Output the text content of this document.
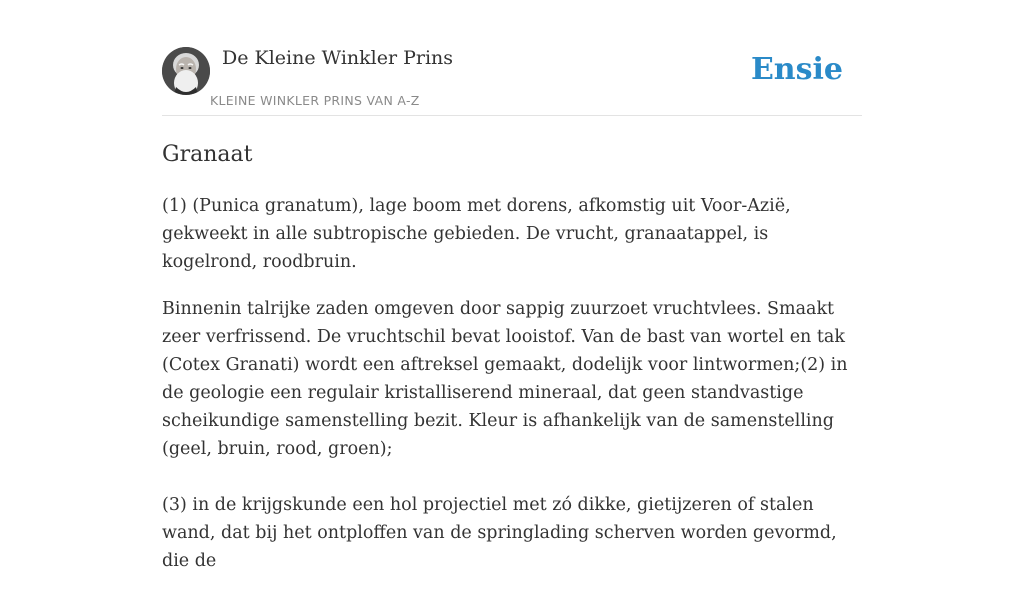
De Kleine Winkler Prins
KLEINE WINKLER PRINS VAN A-Z
Ensie
Granaat

(1) (Punica granatum), lage boom met dorens, afkomstig uit Voor-Azië, gekweekt in alle subtropische gebieden. De vrucht, granaatappel, is kogelrond, roodbruin.

Binnenin talrijke zaden omgeven door sappig zuurzoet vruchtvlees. Smaakt zeer verfrissend. De vruchtschil bevat looistof. Van de bast van wortel en tak (Cotex Granati) wordt een aftreksel gemaakt, dodelijk voor lintwormen;(2) in de geologie een regulair kristalliserend mineraal, dat geen standvastige scheikundige samenstelling bezit. Kleur is afhankelijk van de samenstelling (geel, bruin, rood, groen);

(3) in de krijgskunde een hol projectiel met zó dikke, gietijzeren of stalen wand, dat bij het ontploffen van de springlading scherven worden gevormd, die de
